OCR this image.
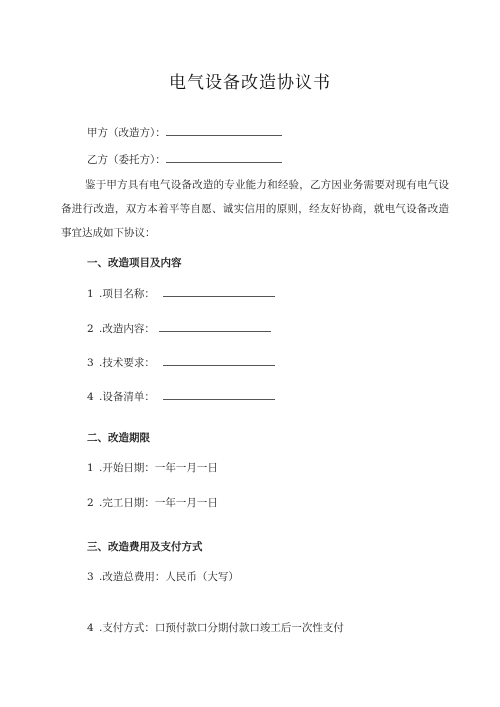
电气设备改造协议书
甲方（改造方）：
乙方（委托方）：
鉴于甲方具有电气设备改造的专业能力和经验，乙方因业务需要对现有电气设备进行改造，双方本着平等自愿、诚实信用的原则，经友好协商，就电气设备改造事宜达成如下协议：
一、改造项目及内容
1 .项目名称：
2 .改造内容：
3 .技术要求：
4 .设备清单：
二、改造期限
1 .开始日期：一年一月一日
2 .完工日期：一年一月一日
三、改造费用及支付方式
3 .改造总费用：人民币（大写）
4 .支付方式：口预付款口分期付款口竣工后一次性支付
